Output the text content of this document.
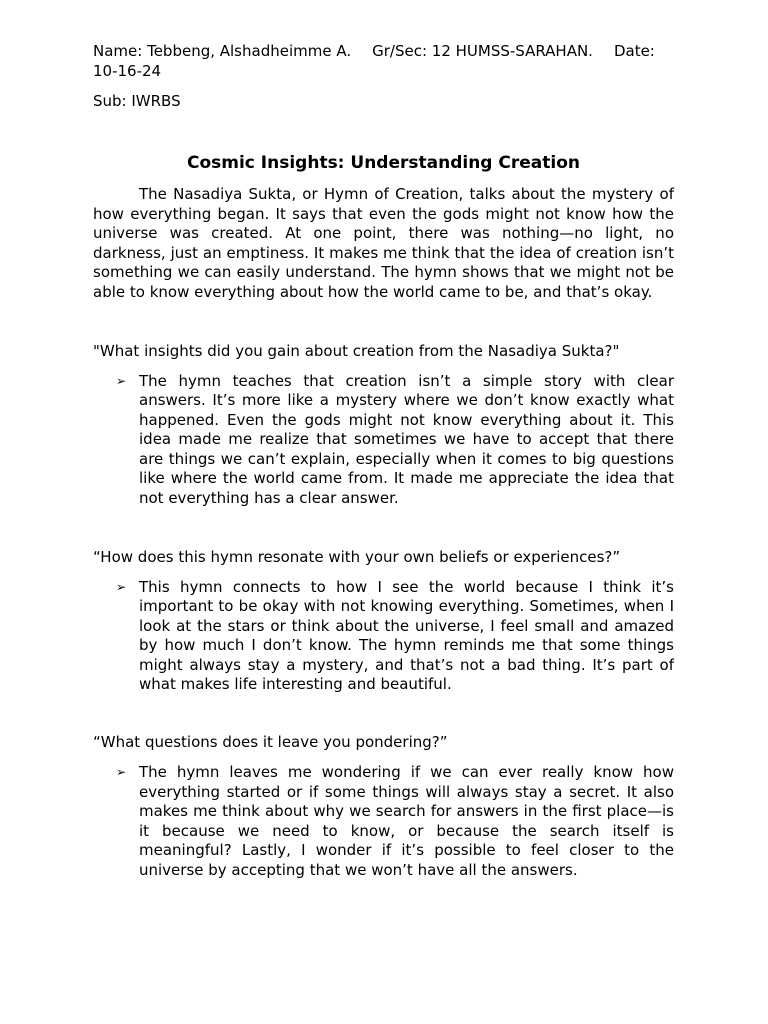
Name: Tebbeng, Alshadheimme A. Gr/Sec: 12 HUMSS-SARAHAN. Date:
10-16-24

Sub: IWRBS

Cosmic Insights: Understanding Creation

The Nasadiya Sukta, or Hymn of Creation, talks about the mystery of how everything began. It says that even the gods might not know how the universe was created. At one point, there was nothing—no light, no darkness, just an emptiness. It makes me think that the idea of creation isn’t something we can easily understand. The hymn shows that we might not be able to know everything about how the world came to be, and that’s okay.

"What insights did you gain about creation from the Nasadiya Sukta?"

➢
The hymn teaches that creation isn’t a simple story with clear answers. It’s more like a mystery where we don’t know exactly what happened. Even the gods might not know everything about it. This idea made me realize that sometimes we have to accept that there are things we can’t explain, especially when it comes to big questions like where the world came from. It made me appreciate the idea that not everything has a clear answer.

“How does this hymn resonate with your own beliefs or experiences?”

➢
This hymn connects to how I see the world because I think it’s important to be okay with not knowing everything. Sometimes, when I look at the stars or think about the universe, I feel small and amazed by how much I don’t know. The hymn reminds me that some things might always stay a mystery, and that’s not a bad thing. It’s part of what makes life interesting and beautiful.

“What questions does it leave you pondering?”

➢
The hymn leaves me wondering if we can ever really know how everything started or if some things will always stay a secret. It also makes me think about why we search for answers in the first place—is it because we need to know, or because the search itself is meaningful? Lastly, I wonder if it’s possible to feel closer to the universe by accepting that we won’t have all the answers.
